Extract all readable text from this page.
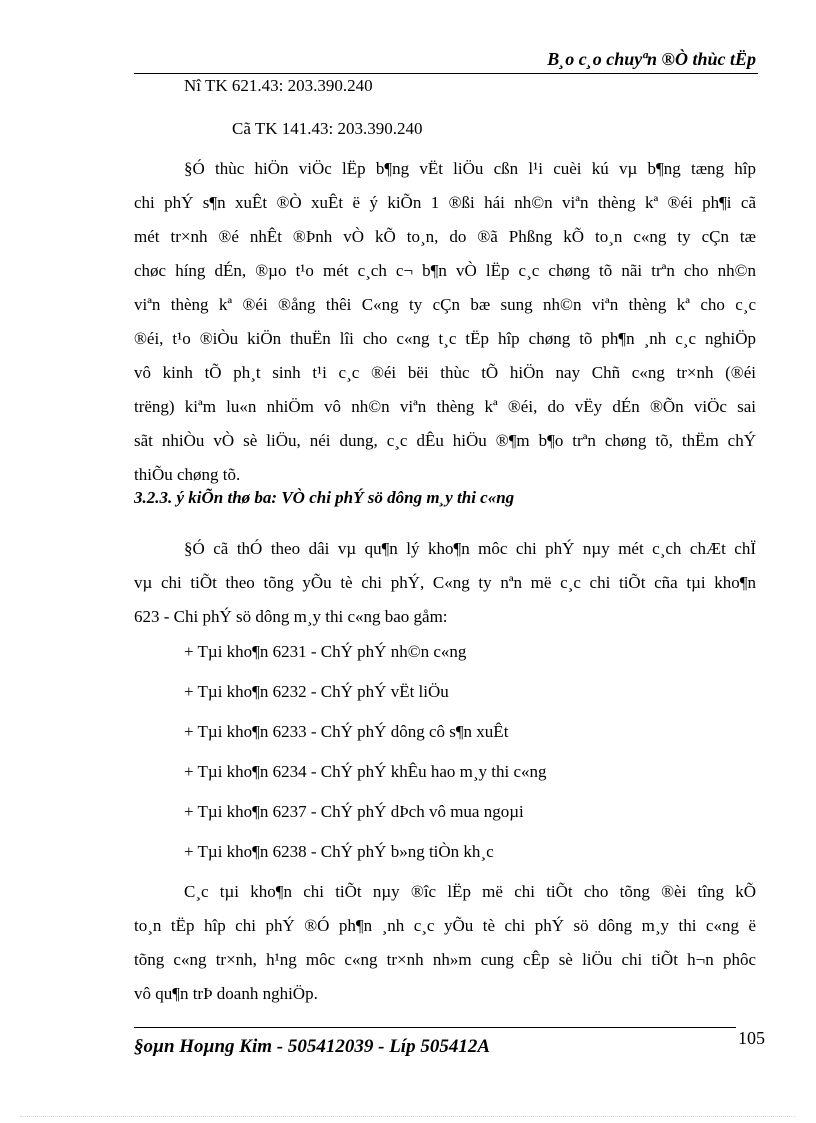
B¸o c¸o chuyªn ®Ò thùc tËp
Nî TK 621.43: 203.390.240
Cã TK 141.43: 203.390.240
§Ó thùc hiÖn viÖc lËp b¶ng vËt liÖu cßn l¹i cuèi kú vµ b¶ng tæng hîp
chi phÝ s¶n xuÊt ®Ò xuÊt ë ý kiÕn 1 ®ßi hái nh©n viªn thèng kª ®éi ph¶i cã
mét tr×nh ®é nhÊt ®Þnh vÒ kÕ to¸n, do ®ã Phßng kÕ to¸n c«ng ty cÇn tæ
chøc híng dÉn, ®µo t¹o mét c¸ch c¬ b¶n vÒ lËp c¸c chøng tõ nãi trªn cho nh©n
viªn thèng kª ®éi ®ång thêi C«ng ty cÇn bæ sung nh©n viªn thèng kª cho c¸c
®éi, t¹o ®iÒu kiÖn thuËn lîi cho c«ng t¸c tËp hîp chøng tõ ph¶n ¸nh c¸c nghiÖp
vô kinh tÕ ph¸t sinh t¹i c¸c ®éi bëi thùc tÕ hiÖn nay Chñ c«ng tr×nh (®éi
trëng) kiªm lu«n nhiÖm vô nh©n viªn thèng kª ®éi, do vËy dÉn ®Õn viÖc sai
sãt nhiÒu vÒ sè liÖu, néi dung, c¸c dÊu hiÖu ®¶m b¶o trªn chøng tõ, thËm chÝ
thiÕu chøng tõ.
3.2.3. ý kiÕn thø ba: VÒ chi phÝ sö dông m¸y thi c«ng
§Ó cã thÓ theo dâi vµ qu¶n lý kho¶n môc chi phÝ nµy mét c¸ch chÆt chÏ
vµ chi tiÕt theo tõng yÕu tè chi phÝ, C«ng ty nªn më c¸c chi tiÕt cña tµi kho¶n
623 - Chi phÝ sö dông m¸y thi c«ng bao gåm:
+ Tµi kho¶n 6231 - ChÝ phÝ nh©n c«ng
+ Tµi kho¶n 6232 - ChÝ phÝ vËt liÖu
+ Tµi kho¶n 6233 - ChÝ phÝ dông cô s¶n xuÊt
+ Tµi kho¶n 6234 - ChÝ phÝ khÊu hao m¸y thi c«ng
+ Tµi kho¶n 6237 - ChÝ phÝ dÞch vô mua ngoµi
+ Tµi kho¶n 6238 - ChÝ phÝ b»ng tiÒn kh¸c
C¸c tµi kho¶n chi tiÕt nµy ®îc lËp më chi tiÕt cho tõng ®èi tîng kÕ
to¸n tËp hîp chi phÝ ®Ó ph¶n ¸nh c¸c yÕu tè chi phÝ sö dông m¸y thi c«ng ë
tõng c«ng tr×nh, h¹ng môc c«ng tr×nh nh»m cung cÊp sè liÖu chi tiÕt h¬n phôc
vô qu¶n trÞ doanh nghiÖp.
§oµn Hoµng Kim - 505412039 - Líp 505412A	105
